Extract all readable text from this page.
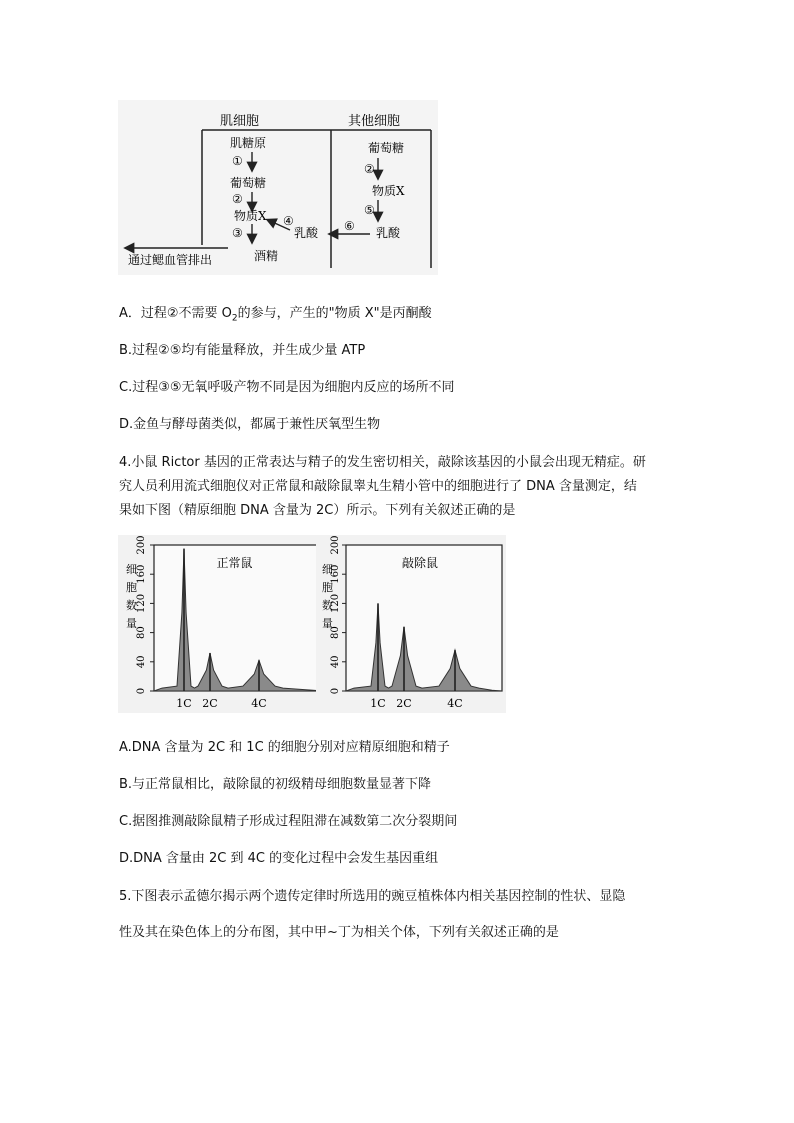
肌细胞	其他细胞
肌糖原
①
葡萄糖
②
物质X
③
④
乳酸
酒精
通过鳃血管排出
葡萄糖
②
物质X
⑤
⑥ 乳酸
A．过程②不需要 $O_2$的参与，产生的"物质 X"是丙酮酸
B.过程②⑤均有能量释放，并生成少量 ATP
C.过程③⑤无氧呼吸产物不同是因为细胞内反应的场所不同
D.金鱼与酵母菌类似，都属于兼性厌氧型生物
4.小鼠 Rictor 基因的正常表达与精子的发生密切相关，敲除该基因的小鼠会出现无精症。研
究人员利用流式细胞仪对正常鼠和敲除鼠睾丸生精小管中的细胞进行了 DNA 含量测定，结
果如下图（精原细胞 DNA 含量为 2C）所示。下列有关叙述正确的是
200
160
120
80
40
0
细
胞
数
量
正常鼠
1C 2C	4C
200
160
120
80
40
0
细
胞
数
量
敲除鼠
1C 2C	4C
A.DNA 含量为 2C 和 1C 的细胞分别对应精原细胞和精子
B.与正常鼠相比，敲除鼠的初级精母细胞数量显著下降
C.据图推测敲除鼠精子形成过程阻滞在减数第二次分裂期间
D.DNA 含量由 2C 到 4C 的变化过程中会发生基因重组
5.下图表示孟德尔揭示两个遗传定律时所选用的豌豆植株体内相关基因控制的性状、显隐
性及其在染色体上的分布图，其中甲~丁为相关个体，下列有关叙述正确的是
